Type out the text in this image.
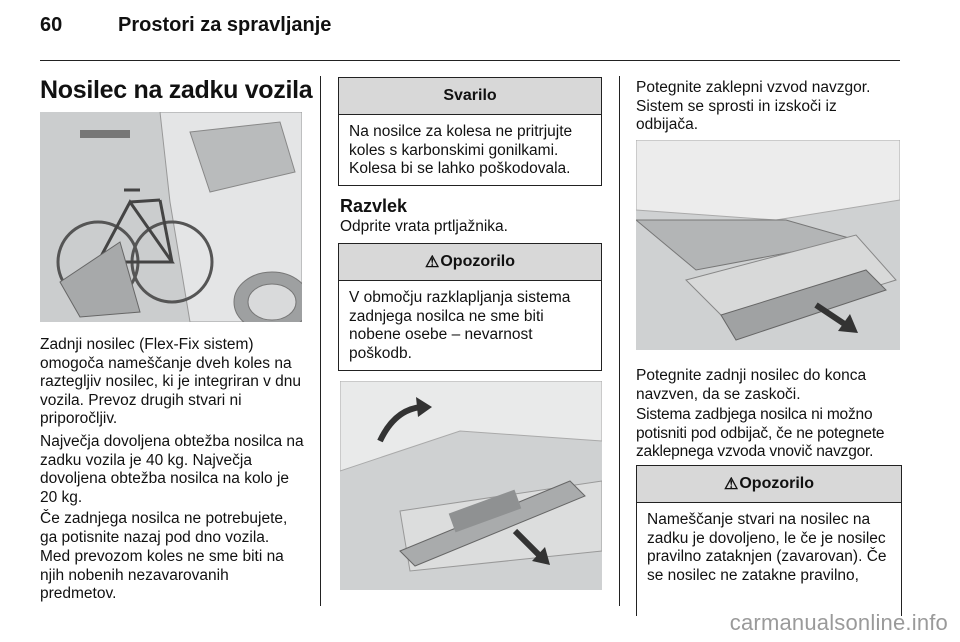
60	Prostori za spravljanje
Nosilec na zadku vozila
Zadnji nosilec (Flex-Fix sistem) omogoča nameščanje dveh koles na raztegljiv nosilec, ki je integriran v dnu vozila. Prevoz drugih stvari ni priporočljiv.
Največja dovoljena obtežba nosilca na zadku vozila je 40 kg. Največja dovoljena obtežba nosilca na kolo je 20 kg.
Če zadnjega nosilca ne potrebujete, ga potisnite nazaj pod dno vozila.
Med prevozom koles ne sme biti na njih nobenih nezavarovanih predmetov.
Svarilo
Na nosilce za kolesa ne pritrjujte koles s karbonskimi gonilkami. Kolesa bi se lahko poškodovala.
Razvlek
Odprite vrata prtljažnika.
⚠ Opozorilo
V območju razklapljanja sistema zadnjega nosilca ne sme biti nobene osebe – nevarnost poškodb.
Potegnite zaklepni vzvod navzgor. Sistem se sprosti in izskoči iz odbijača.
Potegnite zadnji nosilec do konca navzven, da se zaskoči.
Sistema zadbjega nosilca ni možno potisniti pod odbijač, če ne potegnete zaklepnega vzvoda vnovič navzgor.
⚠ Opozorilo
Nameščanje stvari na nosilec na zadku je dovoljeno, le če je nosilec pravilno zataknjen (zavarovan). Če se nosilec ne zatakne pravilno,
carmanualsonline.info
